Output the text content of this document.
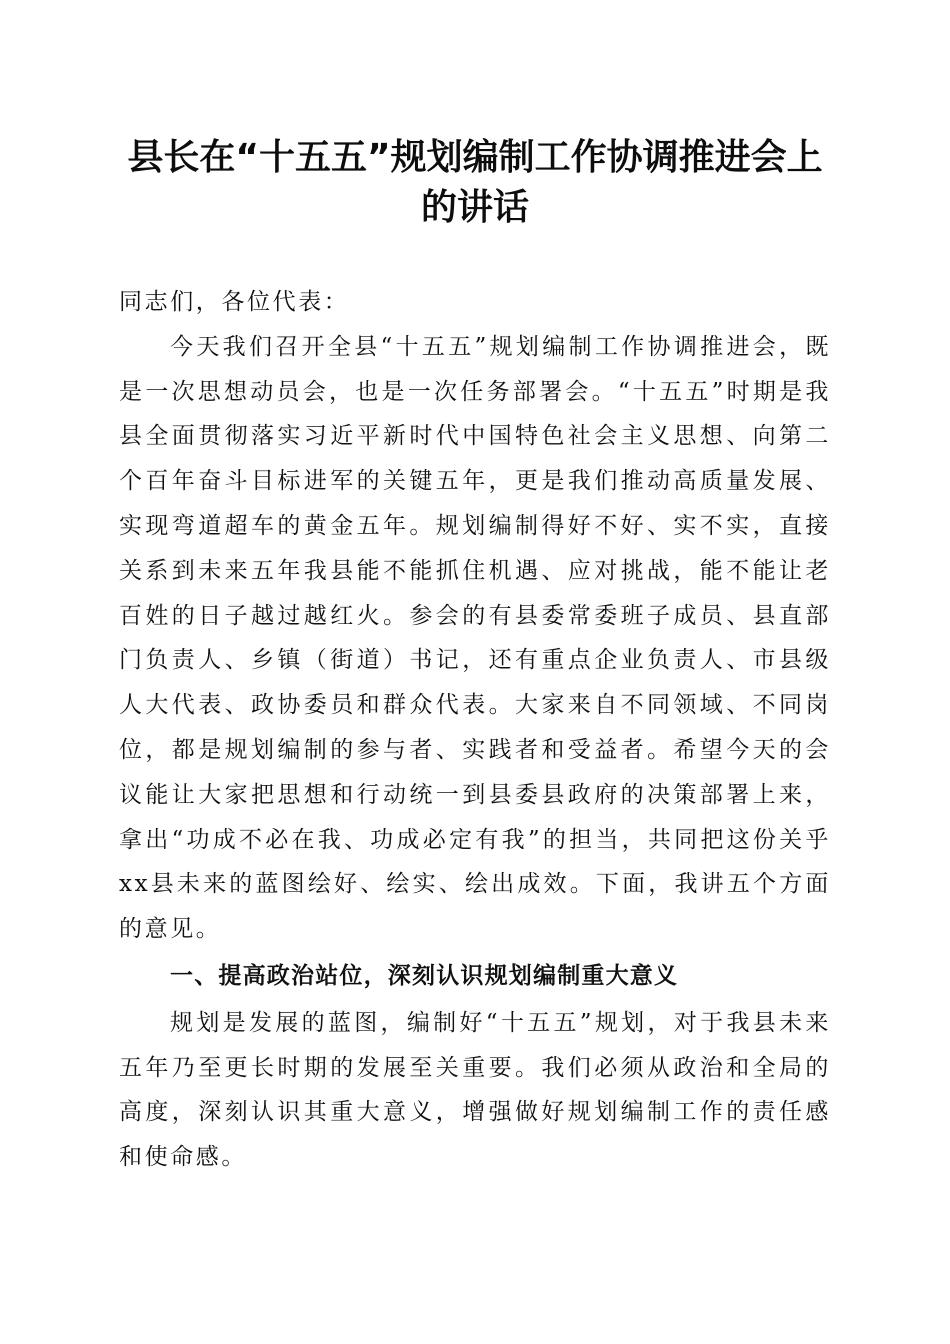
县长在“十五五”规划编制工作协调推进会上
的讲话

同志们，各位代表：

今天我们召开全县“十五五”规划编制工作协调推进会，既是一次思想动员会，也是一次任务部署会。“十五五”时期是我县全面贯彻落实习近平新时代中国特色社会主义思想、向第二个百年奋斗目标进军的关键五年，更是我们推动高质量发展、实现弯道超车的黄金五年。规划编制得好不好、实不实，直接关系到未来五年我县能不能抓住机遇、应对挑战，能不能让老百姓的日子越过越红火。参会的有县委常委班子成员、县直部门负责人、乡镇（街道）书记，还有重点企业负责人、市县级人大代表、政协委员和群众代表。大家来自不同领域、不同岗位，都是规划编制的参与者、实践者和受益者。希望今天的会议能让大家把思想和行动统一到县委县政府的决策部署上来，拿出“功成不必在我、功成必定有我”的担当，共同把这份关乎xx县未来的蓝图绘好、绘实、绘出成效。下面，我讲五个方面的意见。

一、提高政治站位，深刻认识规划编制重大意义

规划是发展的蓝图，编制好“十五五”规划，对于我县未来五年乃至更长时期的发展至关重要。我们必须从政治和全局的高度，深刻认识其重大意义，增强做好规划编制工作的责任感和使命感。
